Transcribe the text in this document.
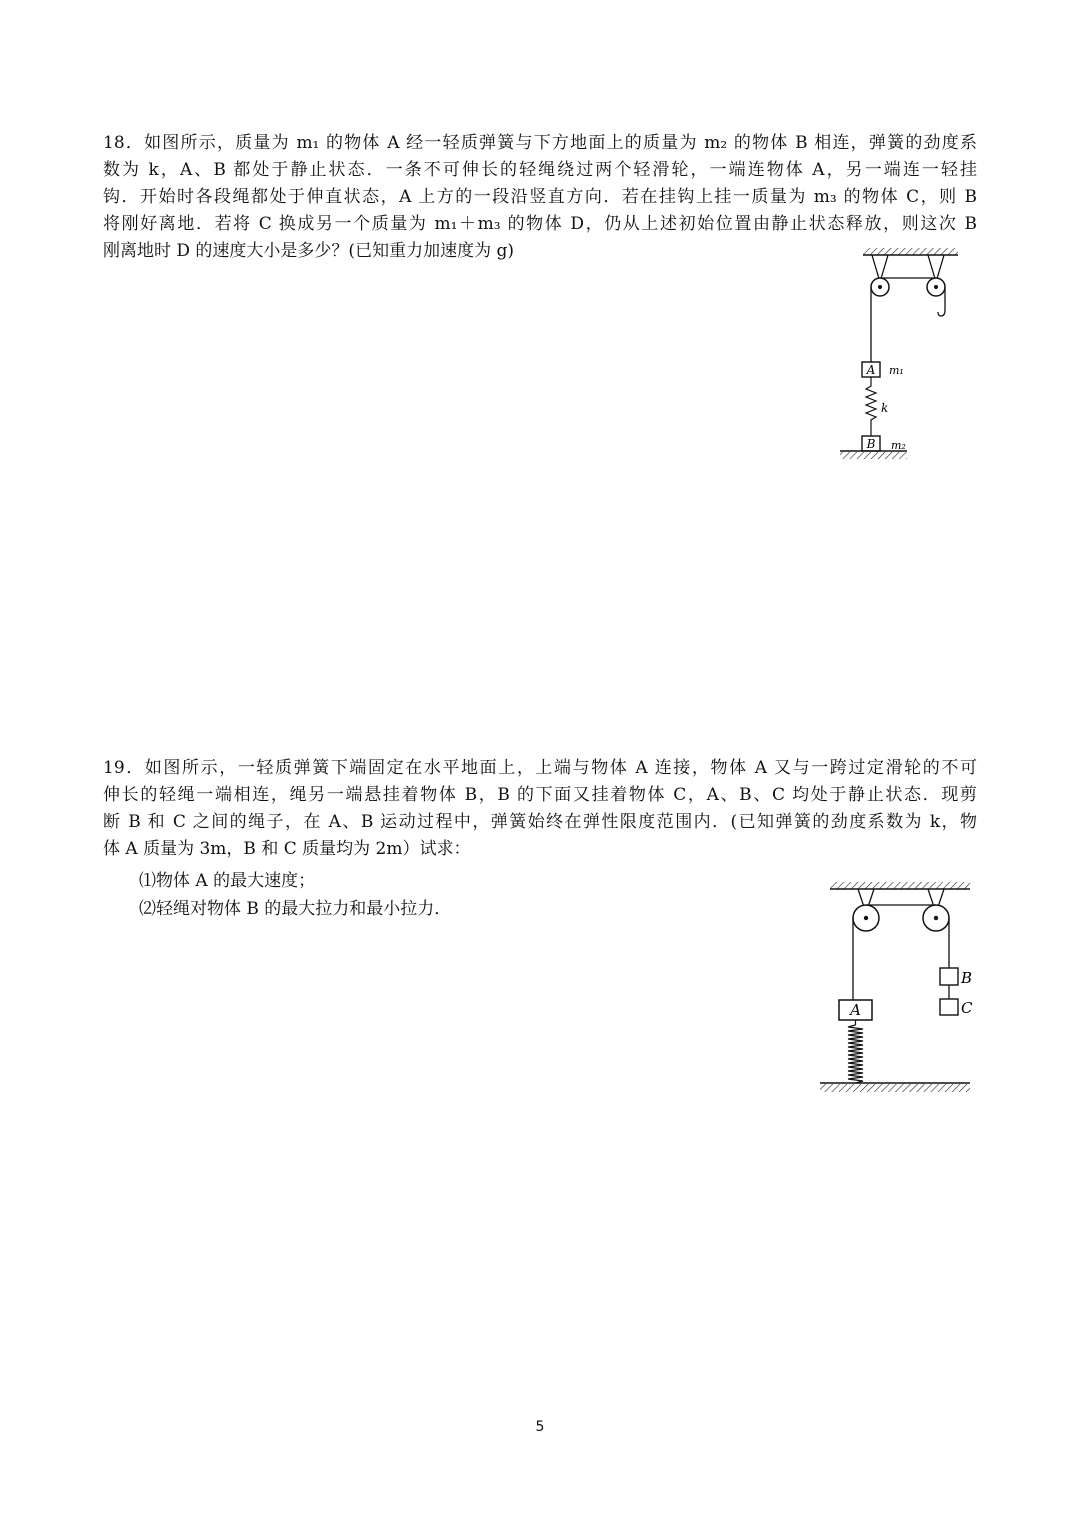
18．如图所示，质量为 m₁ 的物体 A 经一轻质弹簧与下方地面上的质量为 m₂ 的物体 B 相连，弹簧的劲度系
数为 k，A、B 都处于静止状态．一条不可伸长的轻绳绕过两个轻滑轮，一端连物体 A，另一端连一轻挂
钩．开始时各段绳都处于伸直状态，A 上方的一段沿竖直方向．若在挂钩上挂一质量为 m₃ 的物体 C，则 B
将刚好离地．若将 C 换成另一个质量为 m₁＋m₃ 的物体 D，仍从上述初始位置由静止状态释放，则这次 B
刚离地时 D 的速度大小是多少？(已知重力加速度为 g)
A m₁
k
B m₂
19．如图所示，一轻质弹簧下端固定在水平地面上，上端与物体 A 连接，物体 A 又与一跨过定滑轮的不可
伸长的轻绳一端相连，绳另一端悬挂着物体 B，B 的下面又挂着物体 C，A、B、C 均处于静止状态．现剪
断 B 和 C 之间的绳子，在 A、B 运动过程中，弹簧始终在弹性限度范围内．(已知弹簧的劲度系数为 k，物
体 A 质量为 3m，B 和 C 质量均为 2m）试求：
⑴物体 A 的最大速度；
⑵轻绳对物体 B 的最大拉力和最小拉力．
B
C
A
5
